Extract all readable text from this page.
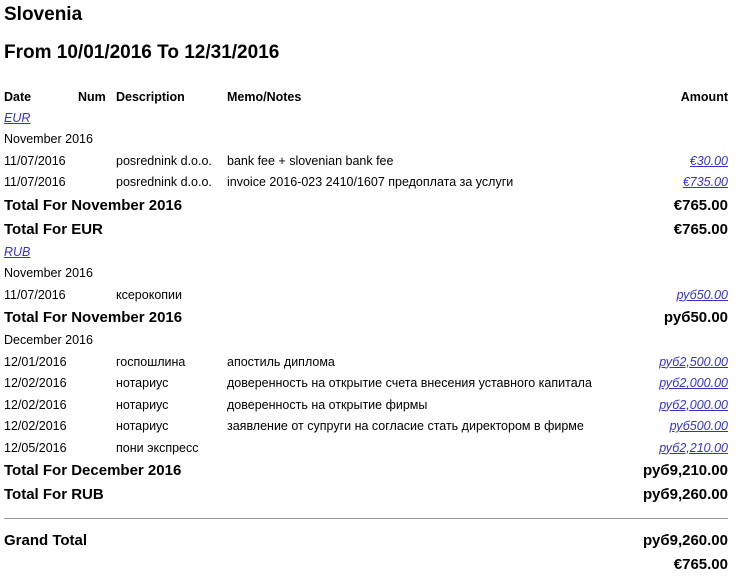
Slovenia
From 10/01/2016 To 12/31/2016
Date	Num	Description	Memo/Notes	Amount
EUR				
November 2016				
11/07/2016		posrednink d.o.o.	bank fee + slovenian bank fee	€30.00
11/07/2016		posrednink d.o.o.	invoice 2016-023 2410/1607 предоплата за услуги	€735.00
Total For November 2016				€765.00
Total For EUR				€765.00
RUB				
November 2016				
11/07/2016		ксерокопии		руб50.00
Total For November 2016				руб50.00
December 2016				
12/01/2016		госпошлина	апостиль диплома	руб2,500.00
12/02/2016		нотариус	доверенность на открытие счета внесения уставного капитала	руб2,000.00
12/02/2016		нотариус	доверенность на открытие фирмы	руб2,000.00
12/02/2016		нотариус	заявление от супруги на согласие стать директором в фирме	руб500.00
12/05/2016		пони экспресс		руб2,210.00
Total For December 2016				руб9,210.00
Total For RUB				руб9,260.00

Grand Total				руб9,260.00
				€765.00
